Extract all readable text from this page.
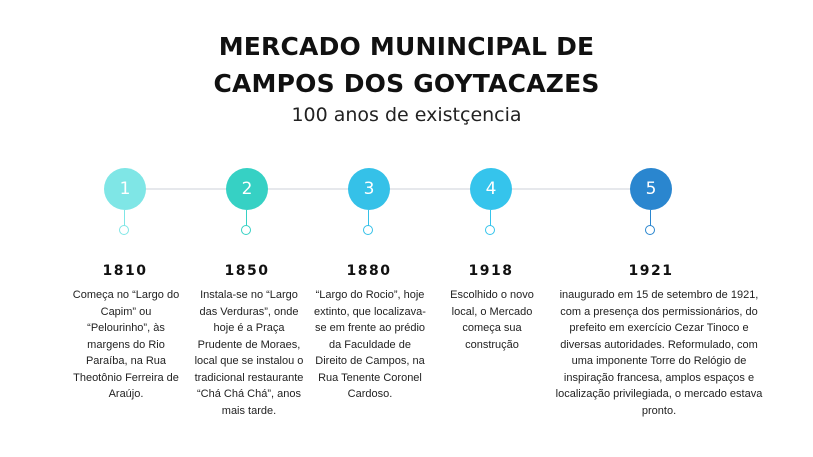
MERCADO MUNINCIPAL DE
CAMPOS DOS GOYTACAZES
100 anos de existçencia
1
1810
Começa no “Largo do Capim” ou “Pelourinho”, às margens do Rio Paraíba, na Rua Theotônio Ferreira de Araújo.
2
1850
Instala-se no “Largo das Verduras”, onde hoje é a Praça Prudente de Moraes, local que se instalou o tradicional restaurante “Chá Chá Chá”, anos mais tarde.
3
1880
“Largo do Rocio”, hoje extinto, que localizava-se em frente ao prédio da Faculdade de Direito de Campos, na Rua Tenente Coronel Cardoso.
4
1918
Escolhido o novo local, o Mercado começa sua construção
5
1921
inaugurado em 15 de setembro de 1921, com a presença dos permissionários, do prefeito em exercício Cezar Tinoco e diversas autoridades. Reformulado, com uma imponente Torre do Relógio de inspiração francesa, amplos espaços e localização privilegiada, o mercado estava pronto.
